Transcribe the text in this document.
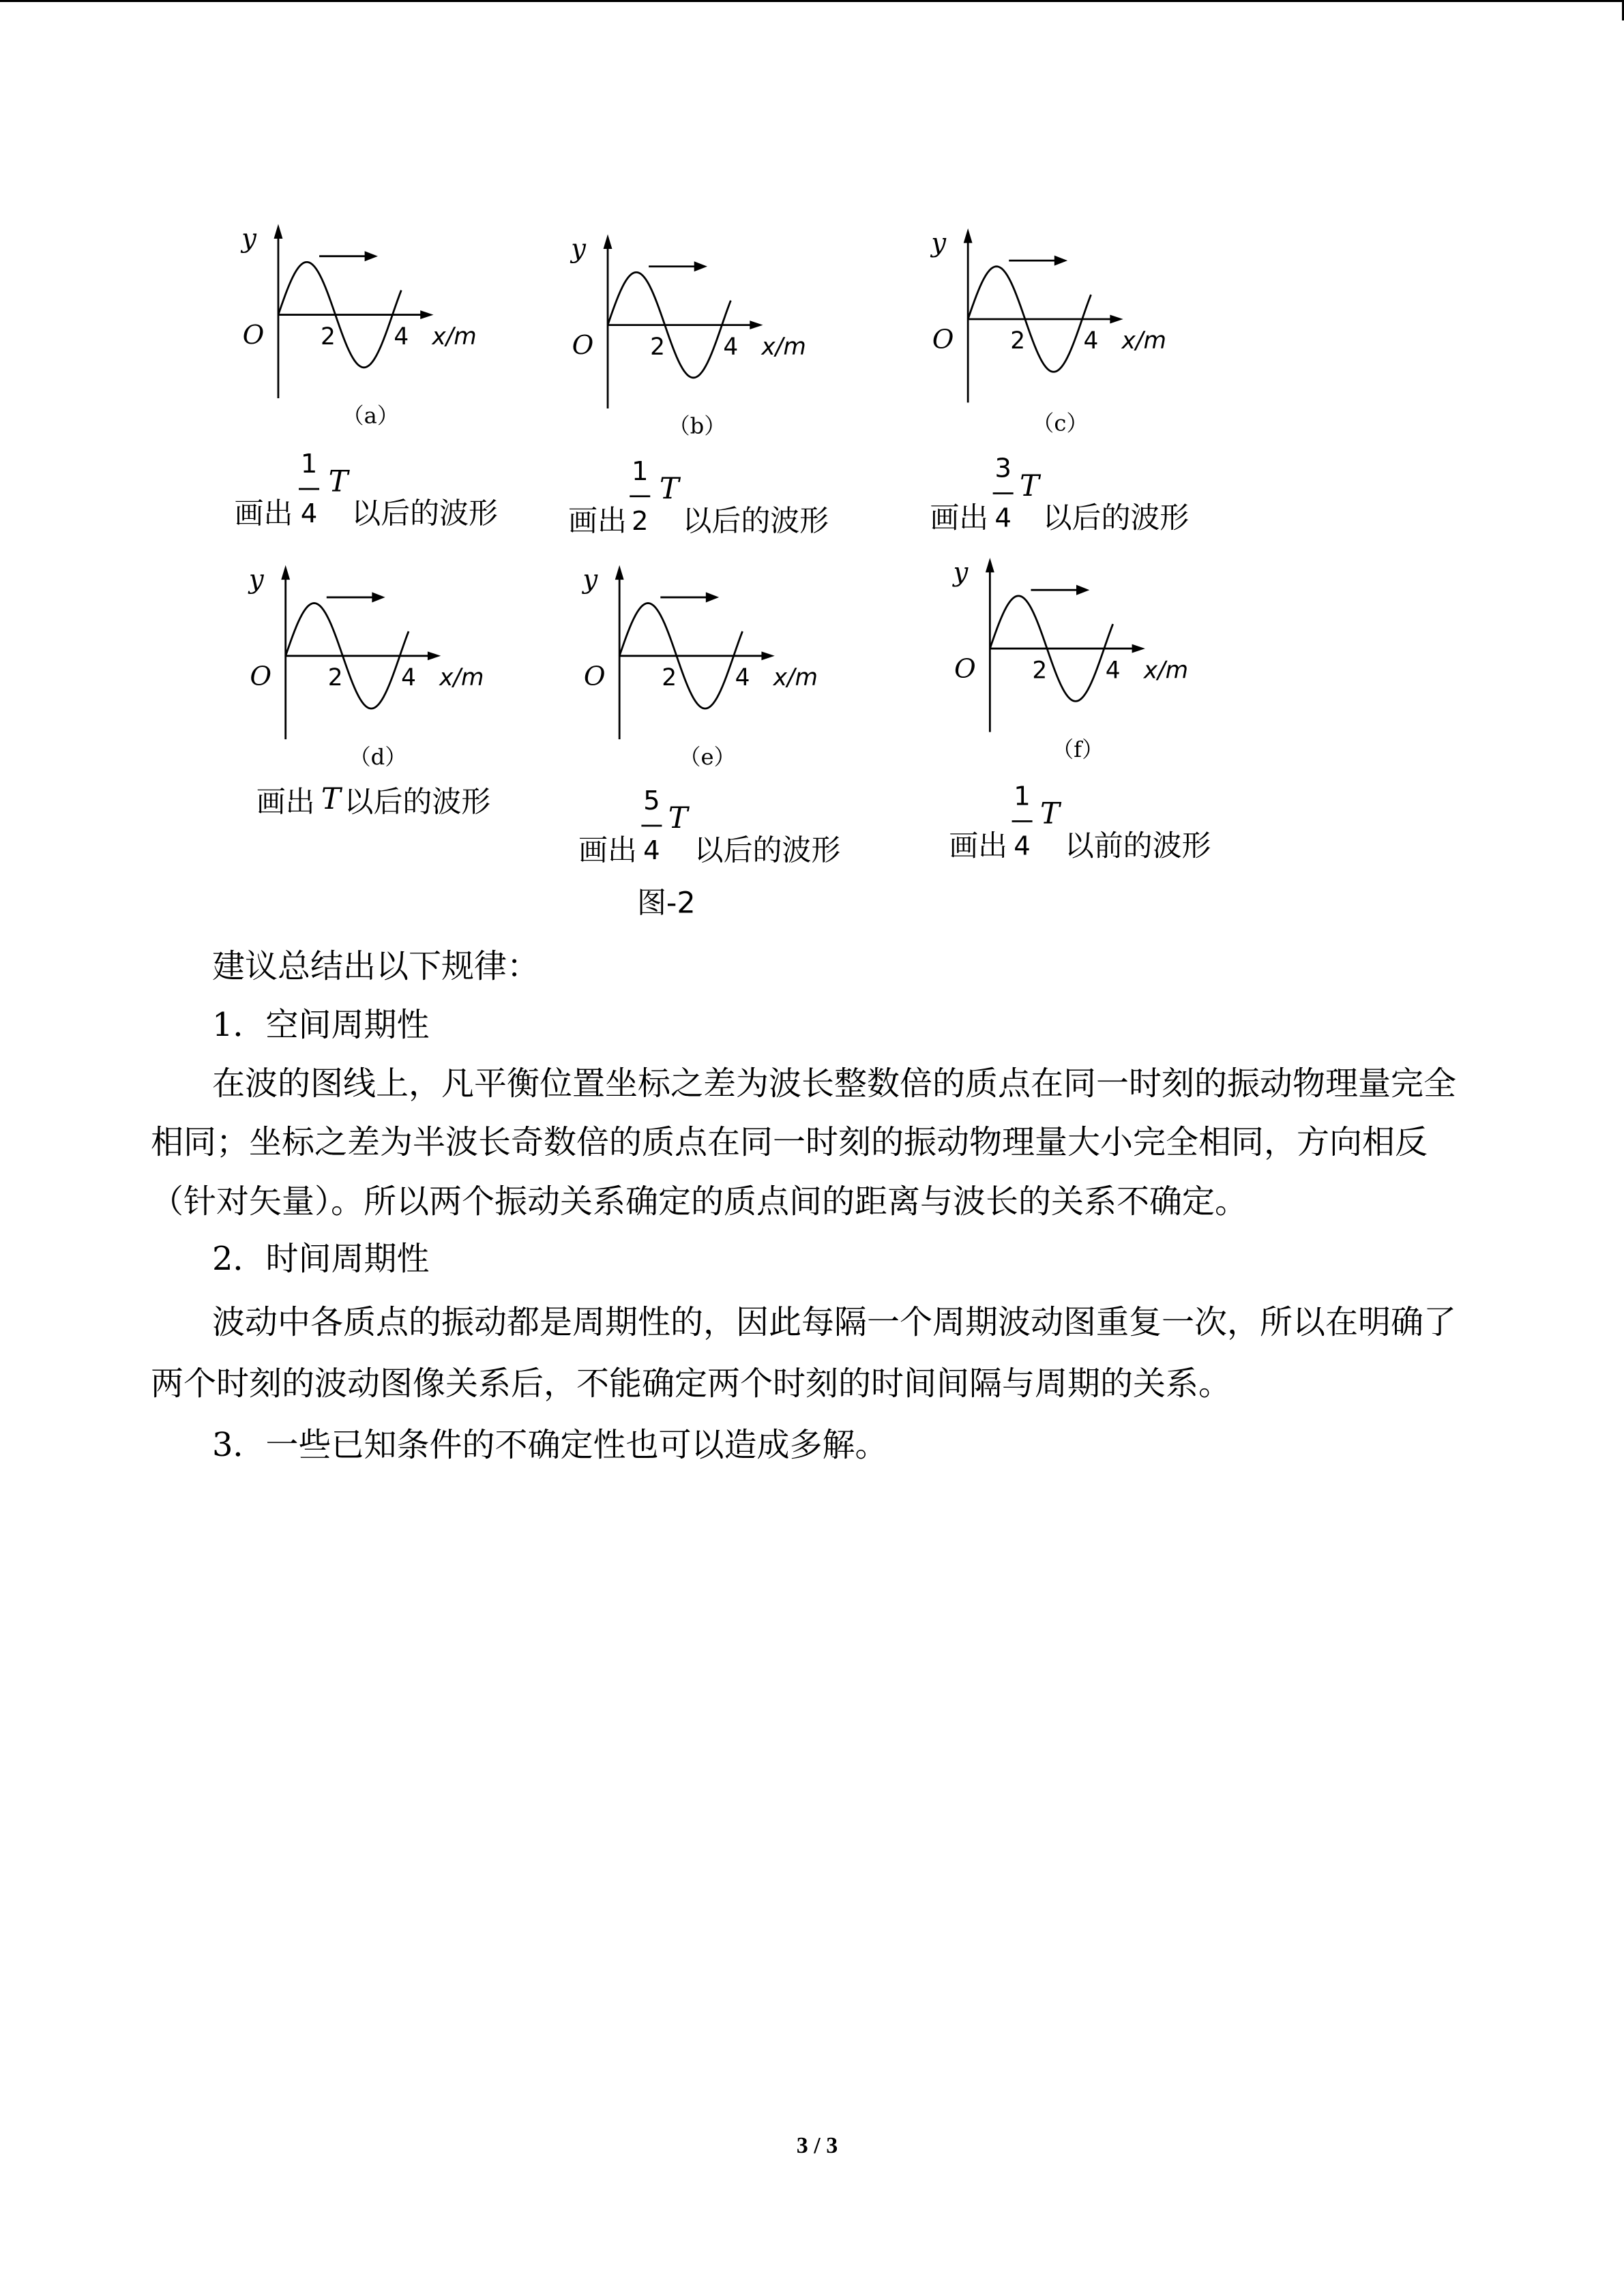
图-2
y
O	2	4 x/m
（a）
画出
1
4
T
以后的波形
y
O	2	4 x/m
（b）
画出
1
2
T
以后的波形
y
O	2	4 x/m
（c）
画出
3
4
T
以后的波形
y
O	2	4 x/m
（d）
画出 T 以后的波形
y
O	2	4 x/m
（e）
画出
5
4
T
以后的波形
y
O	2	4 x/m
（f）
画出
1
4
T
以前的波形
建议总结出以下规律：
1．空间周期性
在波的图线上，凡平衡位置坐标之差为波长整数倍的质点在同一时刻的振动物理量完全
相同；坐标之差为半波长奇数倍的质点在同一时刻的振动物理量大小完全相同，方向相反
（针对矢量）。所以两个振动关系确定的质点间的距离与波长的关系不确定。
2．时间周期性
波动中各质点的振动都是周期性的，因此每隔一个周期波动图重复一次，所以在明确了
两个时刻的波动图像关系后，不能确定两个时刻的时间间隔与周期的关系。
3．一些已知条件的不确定性也可以造成多解。
3 / 3
